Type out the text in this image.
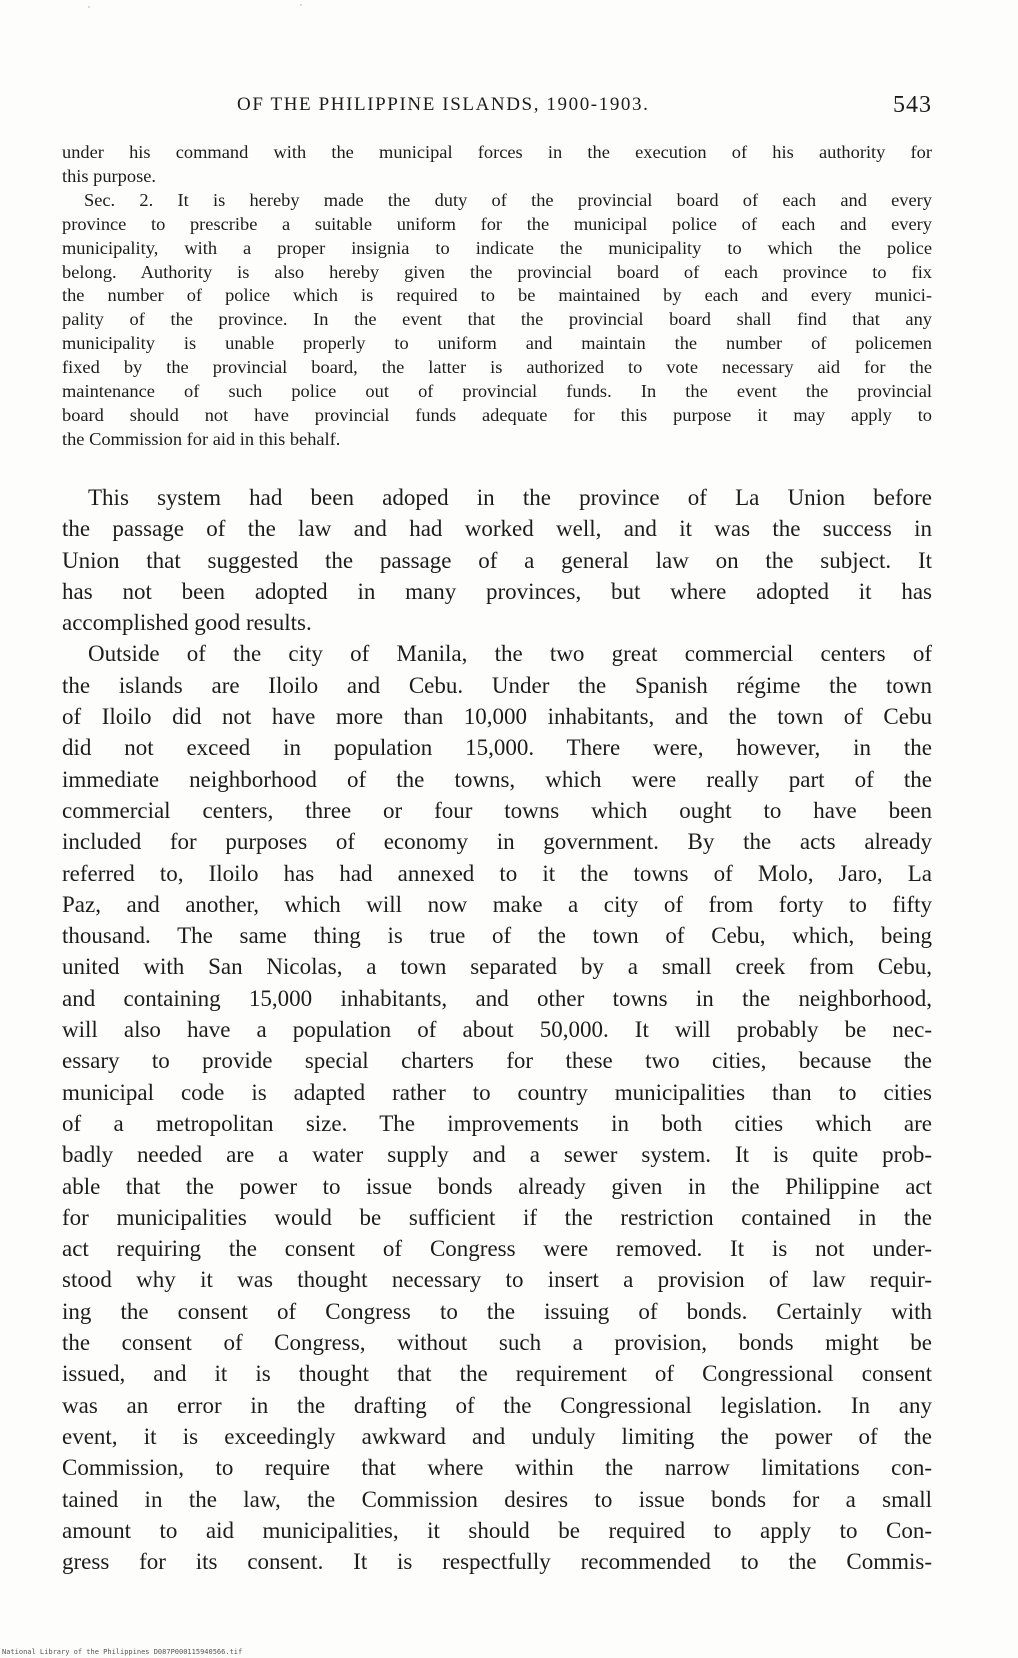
OF THE PHILIPPINE ISLANDS, 1900-1903.	543
under his command with the municipal forces in the execution of his authority for
this purpose.
Sec. 2. It is hereby made the duty of the provincial board of each and every
province to prescribe a suitable uniform for the municipal police of each and every
municipality, with a proper insignia to indicate the municipality to which the police
belong. Authority is also hereby given the provincial board of each province to fix
the number of police which is required to be maintained by each and every munici-
pality of the province. In the event that the provincial board shall find that any
municipality is unable properly to uniform and maintain the number of policemen
fixed by the provincial board, the latter is authorized to vote necessary aid for the
maintenance of such police out of provincial funds. In the event the provincial
board should not have provincial funds adequate for this purpose it may apply to
the Commission for aid in this behalf.
This system had been adoped in the province of La Union before
the passage of the law and had worked well, and it was the success in
Union that suggested the passage of a general law on the subject. It
has not been adopted in many provinces, but where adopted it has
accomplished good results.
Outside of the city of Manila, the two great commercial centers of
the islands are Iloilo and Cebu. Under the Spanish régime the town
of Iloilo did not have more than 10,000 inhabitants, and the town of Cebu
did not exceed in population 15,000. There were, however, in the
immediate neighborhood of the towns, which were really part of the
commercial centers, three or four towns which ought to have been
included for purposes of economy in government. By the acts already
referred to, Iloilo has had annexed to it the towns of Molo, Jaro, La
Paz, and another, which will now make a city of from forty to fifty
thousand. The same thing is true of the town of Cebu, which, being
united with San Nicolas, a town separated by a small creek from Cebu,
and containing 15,000 inhabitants, and other towns in the neighborhood,
will also have a population of about 50,000. It will probably be nec-
essary to provide special charters for these two cities, because the
municipal code is adapted rather to country municipalities than to cities
of a metropolitan size. The improvements in both cities which are
badly needed are a water supply and a sewer system. It is quite prob-
able that the power to issue bonds already given in the Philippine act
for municipalities would be sufficient if the restriction contained in the
act requiring the consent of Congress were removed. It is not under-
stood why it was thought necessary to insert a provision of law requir-
ing the consent of Congress to the issuing of bonds. Certainly with
the consent of Congress, without such a provision, bonds might be
issued, and it is thought that the requirement of Congressional consent
was an error in the drafting of the Congressional legislation. In any
event, it is exceedingly awkward and unduly limiting the power of the
Commission, to require that where within the narrow limitations con-
tained in the law, the Commission desires to issue bonds for a small
amount to aid municipalities, it should be required to apply to Con-
gress for its consent. It is respectfully recommended to the Commis-
National Library of the Philippines D087P000115940566.tif
